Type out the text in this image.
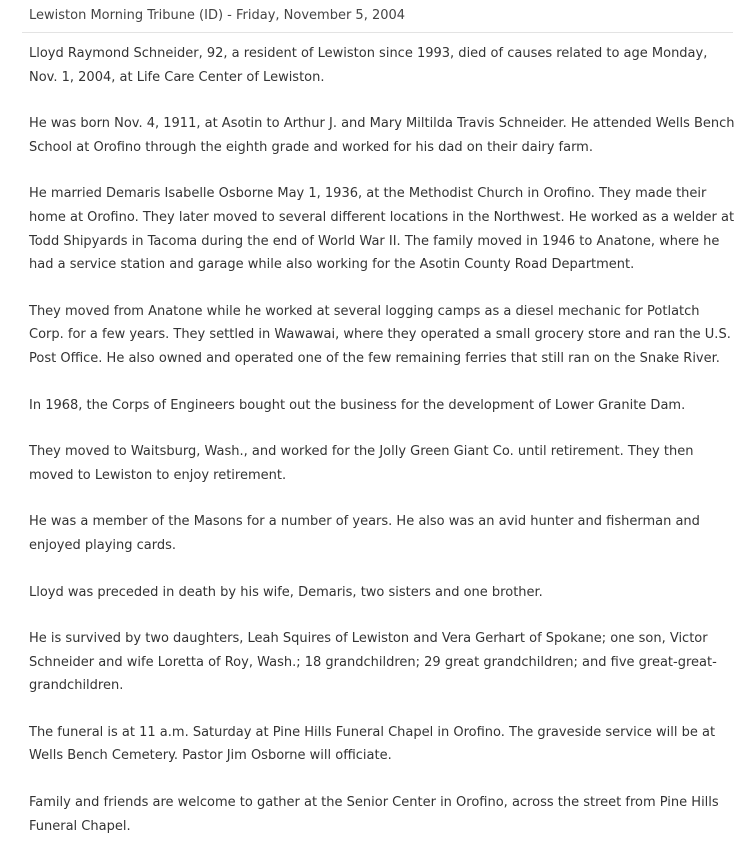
Lewiston Morning Tribune (ID) - Friday, November 5, 2004

Lloyd Raymond Schneider, 92, a resident of Lewiston since 1993, died of causes related to age Monday, Nov. 1, 2004, at Life Care Center of Lewiston.

He was born Nov. 4, 1911, at Asotin to Arthur J. and Mary Miltilda Travis Schneider. He attended Wells Bench School at Orofino through the eighth grade and worked for his dad on their dairy farm.

He married Demaris Isabelle Osborne May 1, 1936, at the Methodist Church in Orofino. They made their home at Orofino. They later moved to several different locations in the Northwest. He worked as a welder at Todd Shipyards in Tacoma during the end of World War II. The family moved in 1946 to Anatone, where he had a service station and garage while also working for the Asotin County Road Department.

They moved from Anatone while he worked at several logging camps as a diesel mechanic for Potlatch Corp. for a few years. They settled in Wawawai, where they operated a small grocery store and ran the U.S. Post Office. He also owned and operated one of the few remaining ferries that still ran on the Snake River.

In 1968, the Corps of Engineers bought out the business for the development of Lower Granite Dam.

They moved to Waitsburg, Wash., and worked for the Jolly Green Giant Co. until retirement. They then moved to Lewiston to enjoy retirement.

He was a member of the Masons for a number of years. He also was an avid hunter and fisherman and enjoyed playing cards.

Lloyd was preceded in death by his wife, Demaris, two sisters and one brother.

He is survived by two daughters, Leah Squires of Lewiston and Vera Gerhart of Spokane; one son, Victor Schneider and wife Loretta of Roy, Wash.; 18 grandchildren; 29 great grandchildren; and five great-great-grandchildren.

The funeral is at 11 a.m. Saturday at Pine Hills Funeral Chapel in Orofino. The graveside service will be at Wells Bench Cemetery. Pastor Jim Osborne will officiate.

Family and friends are welcome to gather at the Senior Center in Orofino, across the street from Pine Hills Funeral Chapel.
